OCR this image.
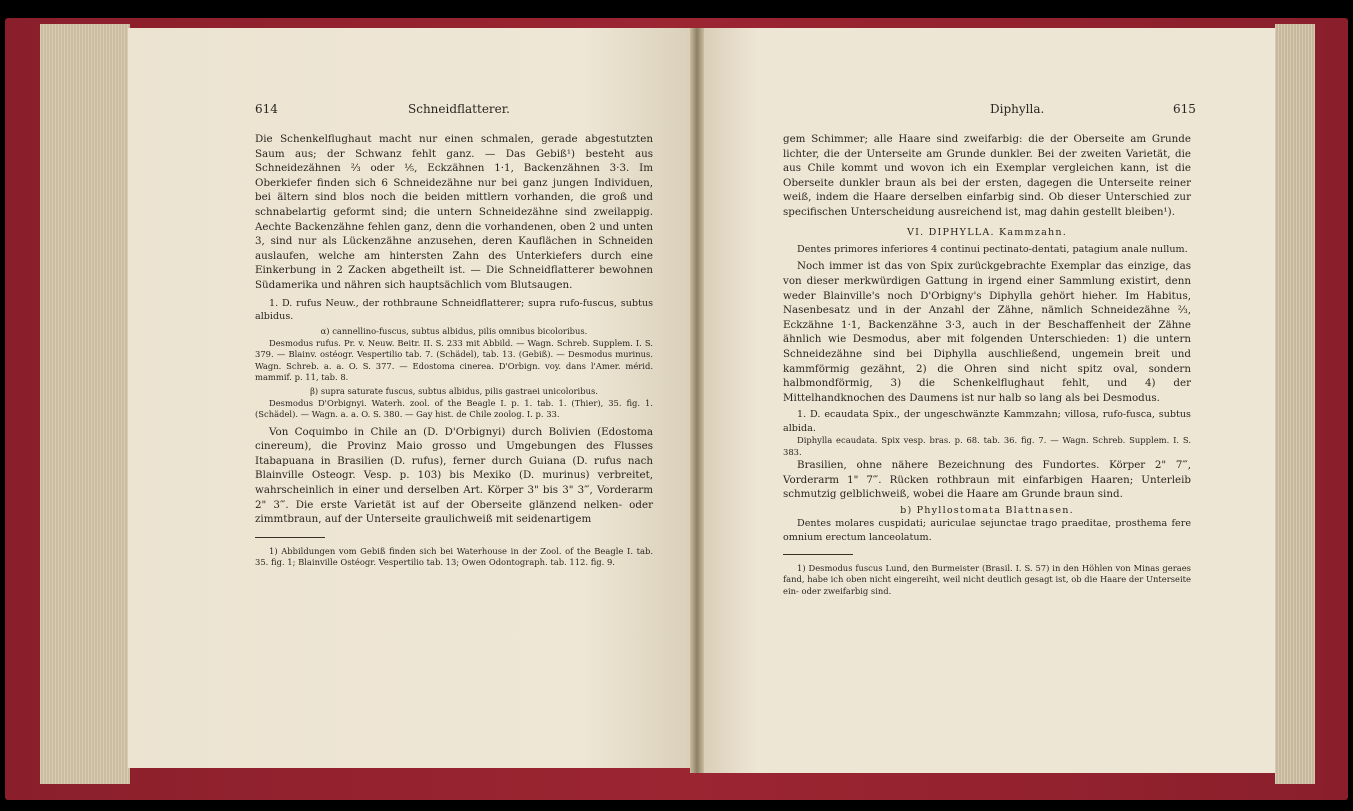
614	Schneidflatterer.

Die Schenkelflughaut macht nur einen schmalen, gerade abgestutzten Saum aus; der Schwanz fehlt ganz. — Das Gebiß¹) besteht aus Schneidezähnen ⅔ oder ⅕, Eckzähnen 1·1, Backenzähnen 3·3. Im Oberkiefer finden sich 6 Schneidezähne nur bei ganz jungen Individuen, bei ältern sind blos noch die beiden mittlern vorhanden, die groß und schnabelartig geformt sind; die untern Schneidezähne sind zweilappig. Aechte Backenzähne fehlen ganz, denn die vorhandenen, oben 2 und unten 3, sind nur als Lückenzähne anzusehen, deren Kauflächen in Schneiden auslaufen, welche am hintersten Zahn des Unterkiefers durch eine Einkerbung in 2 Zacken abgetheilt ist. — Die Schneidflatterer bewohnen Südamerika und nähren sich hauptsächlich vom Blutsaugen.

1. D. rufus Neuw., der rothbraune Schneidflatterer; supra rufo-fuscus, subtus albidus.

α) cannellino-fuscus, subtus albidus, pilis omnibus bicoloribus.

Desmodus rufus. Pr. v. Neuw. Beitr. II. S. 233 mit Abbild. — Wagn. Schreb. Supplem. I. S. 379. — Blainv. ostéogr. Vespertilio tab. 7. (Schädel), tab. 13. (Gebiß). — Desmodus murinus. Wagn. Schreb. a. a. O. S. 377. — Edostoma cinerea. D'Orbign. voy. dans l'Amer. mérid. mammif. p. 11, tab. 8.

β) supra saturate fuscus, subtus albidus, pilis gastraei unicoloribus.

Desmodus D'Orbignyi. Waterh. zool. of the Beagle I. p. 1. tab. 1. (Thier), 35. fig. 1. (Schädel). — Wagn. a. a. O. S. 380. — Gay hist. de Chile zoolog. I. p. 33.

Von Coquimbo in Chile an (D. D'Orbignyi) durch Bolivien (Edostoma cinereum), die Provinz Maio grosso und Umgebungen des Flusses Itabapuana in Brasilien (D. rufus), ferner durch Guiana (D. rufus nach Blainville Osteogr. Vesp. p. 103) bis Mexiko (D. murinus) verbreitet, wahrscheinlich in einer und derselben Art. Körper 3" bis 3" 3‴, Vorderarm 2" 3‴. Die erste Varietät ist auf der Oberseite glänzend nelken- oder zimmtbraun, auf der Unterseite graulichweiß mit seidenartigem

1) Abbildungen vom Gebiß finden sich bei Waterhouse in der Zool. of the Beagle I. tab. 35. fig. 1; Blainville Ostéogr. Vespertilio tab. 13; Owen Odontograph. tab. 112. fig. 9.

Diphylla.	615

gem Schimmer; alle Haare sind zweifarbig: die der Oberseite am Grunde lichter, die der Unterseite am Grunde dunkler. Bei der zweiten Varietät, die aus Chile kommt und wovon ich ein Exemplar vergleichen kann, ist die Oberseite dunkler braun als bei der ersten, dagegen die Unterseite reiner weiß, indem die Haare derselben einfarbig sind. Ob dieser Unterschied zur specifischen Unterscheidung ausreichend ist, mag dahin gestellt bleiben¹).

VI. DIPHYLLA. Kammzahn.

Dentes primores inferiores 4 continui pectinato-dentati, patagium anale nullum.

Noch immer ist das von Spix zurückgebrachte Exemplar das einzige, das von dieser merkwürdigen Gattung in irgend einer Sammlung existirt, denn weder Blainville's noch D'Orbigny's Diphylla gehört hieher. Im Habitus, Nasenbesatz und in der Anzahl der Zähne, nämlich Schneidezähne ⅔, Eckzähne 1·1, Backenzähne 3·3, auch in der Beschaffenheit der Zähne ähnlich wie Desmodus, aber mit folgenden Unterschieden: 1) die untern Schneidezähne sind bei Diphylla auschließend, ungemein breit und kammförmig gezähnt, 2) die Ohren sind nicht spitz oval, sondern halbmondförmig, 3) die Schenkelflughaut fehlt, und 4) der Mittelhandknochen des Daumens ist nur halb so lang als bei Desmodus.

1. D. ecaudata Spix., der ungeschwänzte Kammzahn; villosa, rufo-fusca, subtus albida.

Diphylla ecaudata. Spix vesp. bras. p. 68. tab. 36. fig. 7. — Wagn. Schreb. Supplem. I. S. 383.

Brasilien, ohne nähere Bezeichnung des Fundortes. Körper 2" 7‴, Vorderarm 1" 7‴. Rücken rothbraun mit einfarbigen Haaren; Unterleib schmutzig gelblichweiß, wobei die Haare am Grunde braun sind.

b) Phyllostomata Blattnasen.

Dentes molares cuspidati; auriculae sejunctae trago praeditae, prosthema fere omnium erectum lanceolatum.

1) Desmodus fuscus Lund, den Burmeister (Brasil. I. S. 57) in den Höhlen von Minas geraes fand, habe ich oben nicht eingereiht, weil nicht deutlich gesagt ist, ob die Haare der Unterseite ein- oder zweifarbig sind.
